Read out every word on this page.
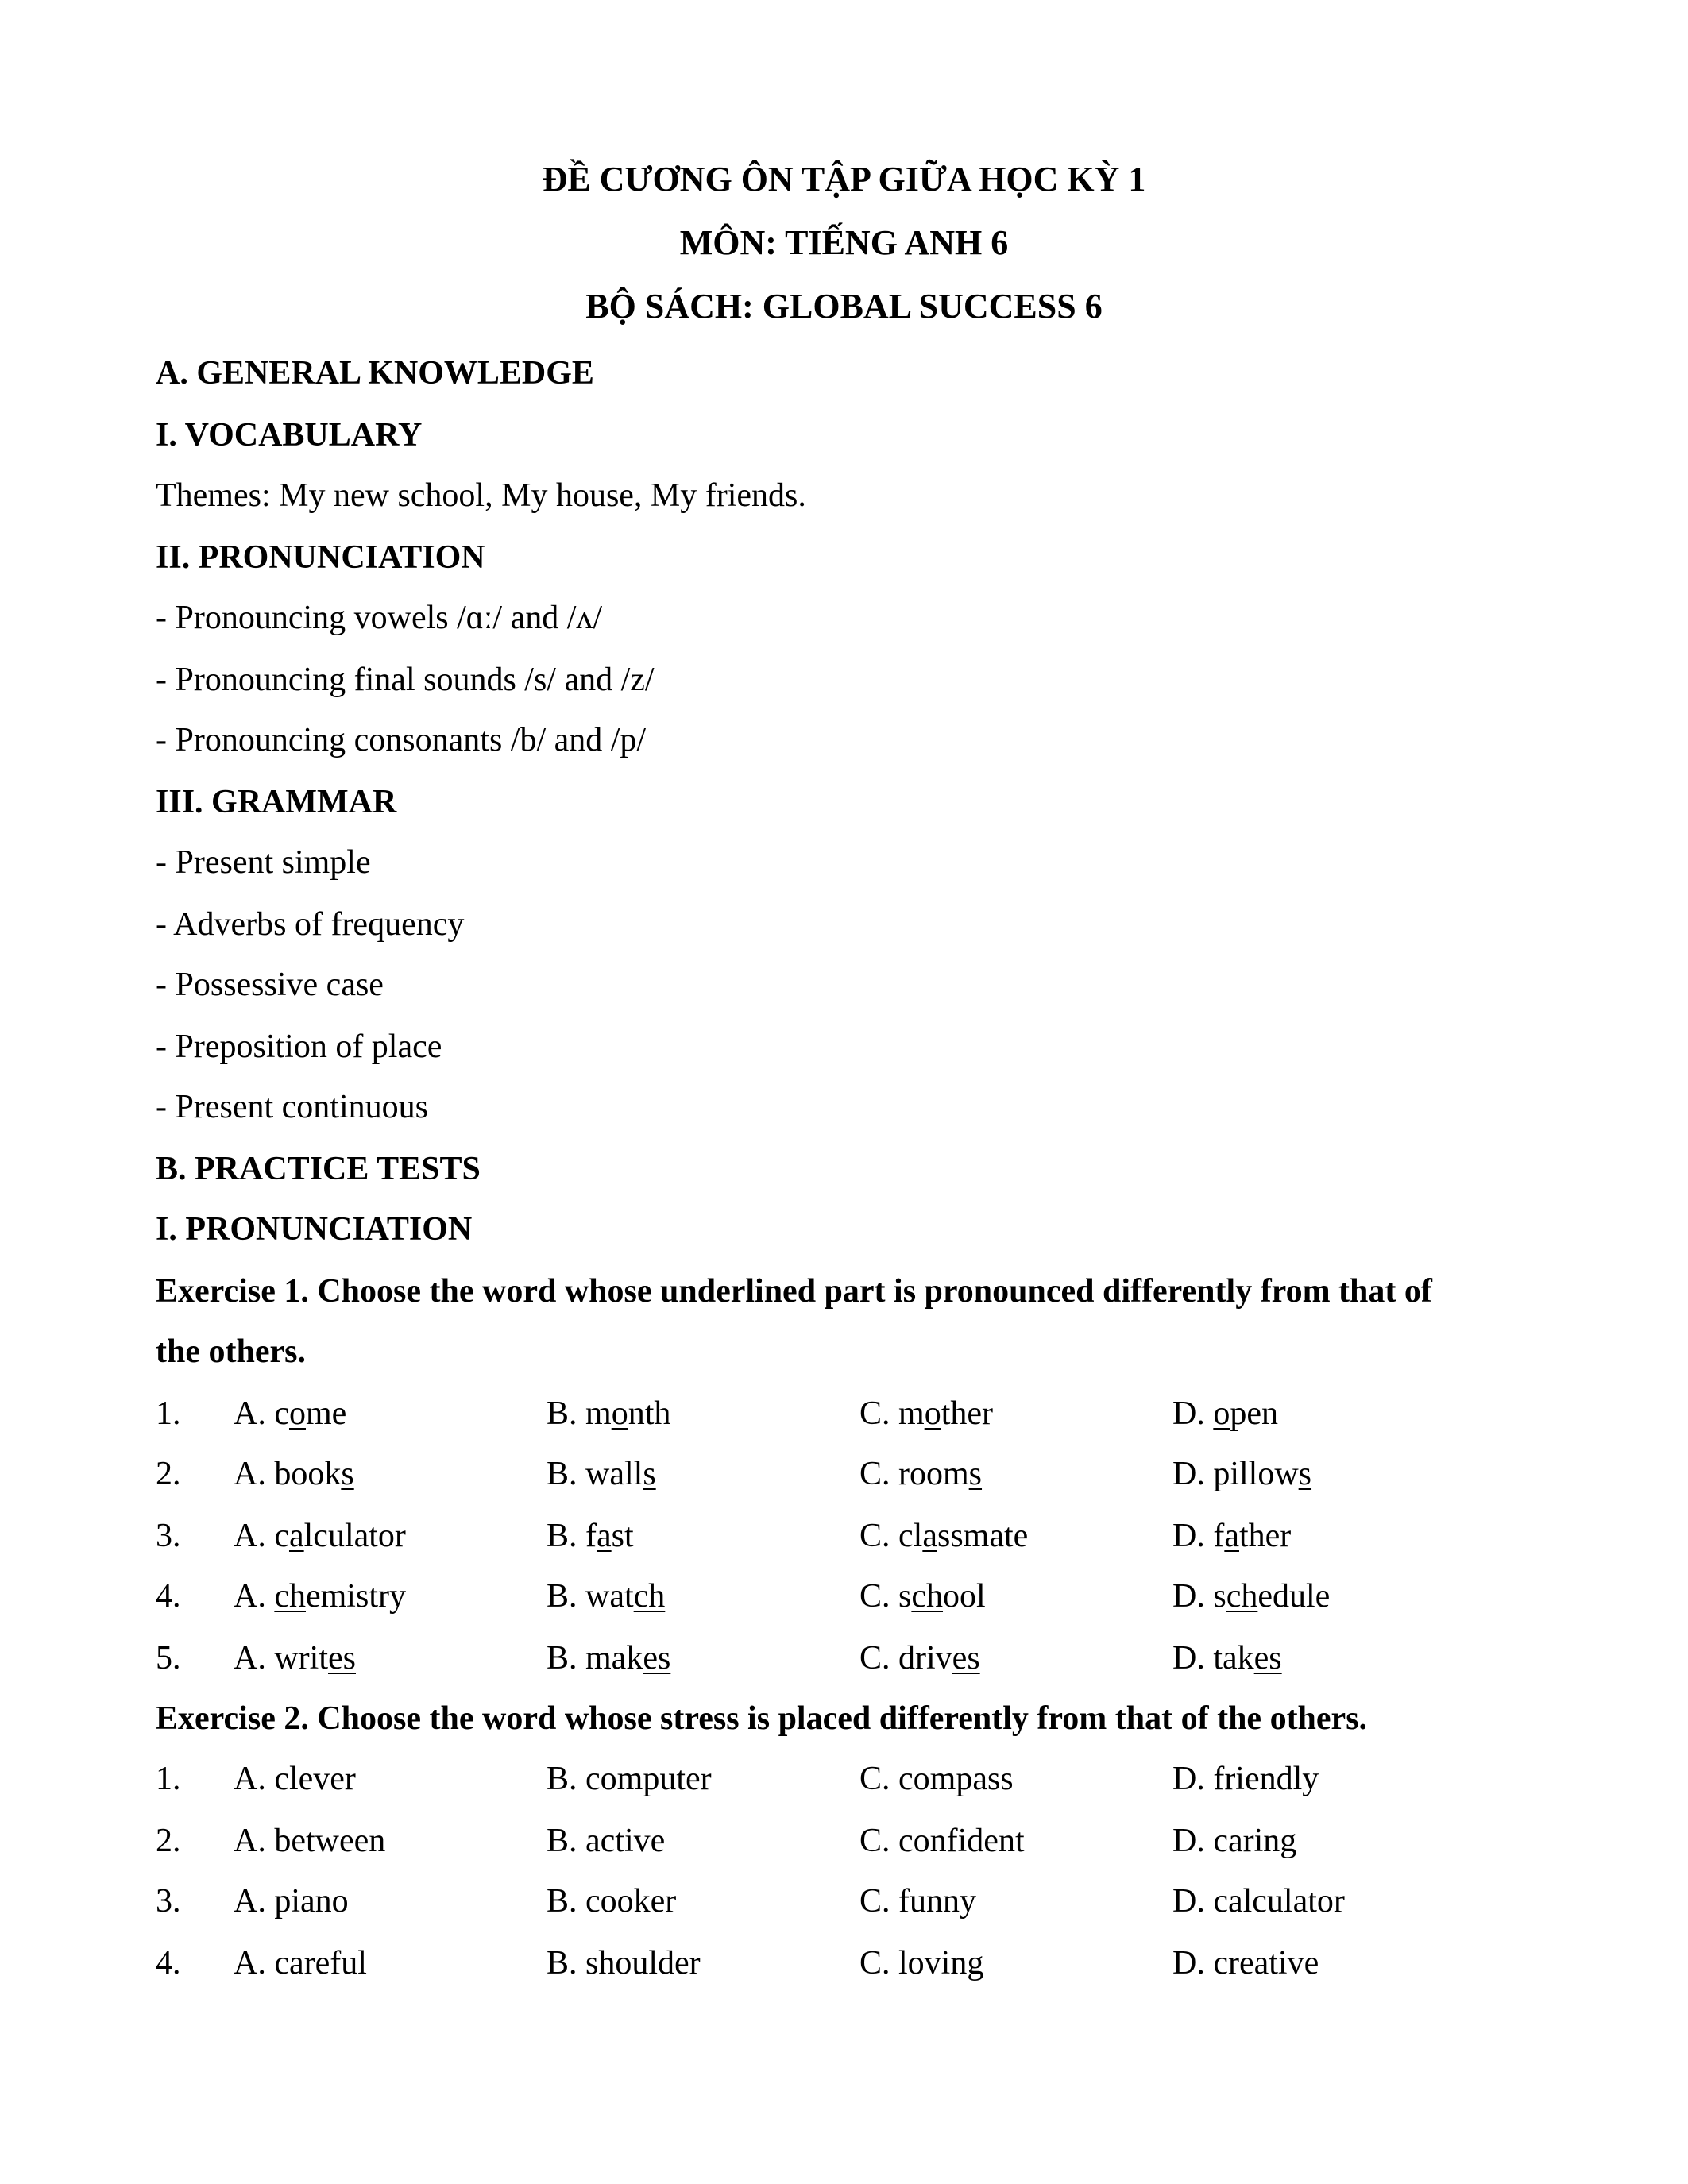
ĐỀ CƯƠNG ÔN TẬP GIỮA HỌC KỲ 1
MÔN: TIẾNG ANH 6
BỘ SÁCH: GLOBAL SUCCESS 6
A. GENERAL KNOWLEDGE
I. VOCABULARY
Themes: My new school, My house, My friends.
II. PRONUNCIATION
- Pronouncing vowels /ɑː/ and /ʌ/
- Pronouncing final sounds /s/ and /z/
- Pronouncing consonants /b/ and /p/
III. GRAMMAR
- Present simple
- Adverbs of frequency
- Possessive case
- Preposition of place
- Present continuous
B. PRACTICE TESTS
I. PRONUNCIATION
Exercise 1. Choose the word whose underlined part is pronounced differently from that of
the others.
1. A. come	B. month	C. mother	D. open
2. A. books	B. walls	C. rooms	D. pillows
3. A. calculator	B. fast	C. classmate	D. father
4. A. chemistry	B. watch	C. school	D. schedule
5. A. writes	B. makes	C. drives	D. takes
Exercise 2. Choose the word whose stress is placed differently from that of the others.
1. A. clever	B. computer	C. compass	D. friendly
2. A. between	B. active	C. confident	D. caring
3. A. piano	B. cooker	C. funny	D. calculator
4. A. careful	B. shoulder	C. loving	D. creative
